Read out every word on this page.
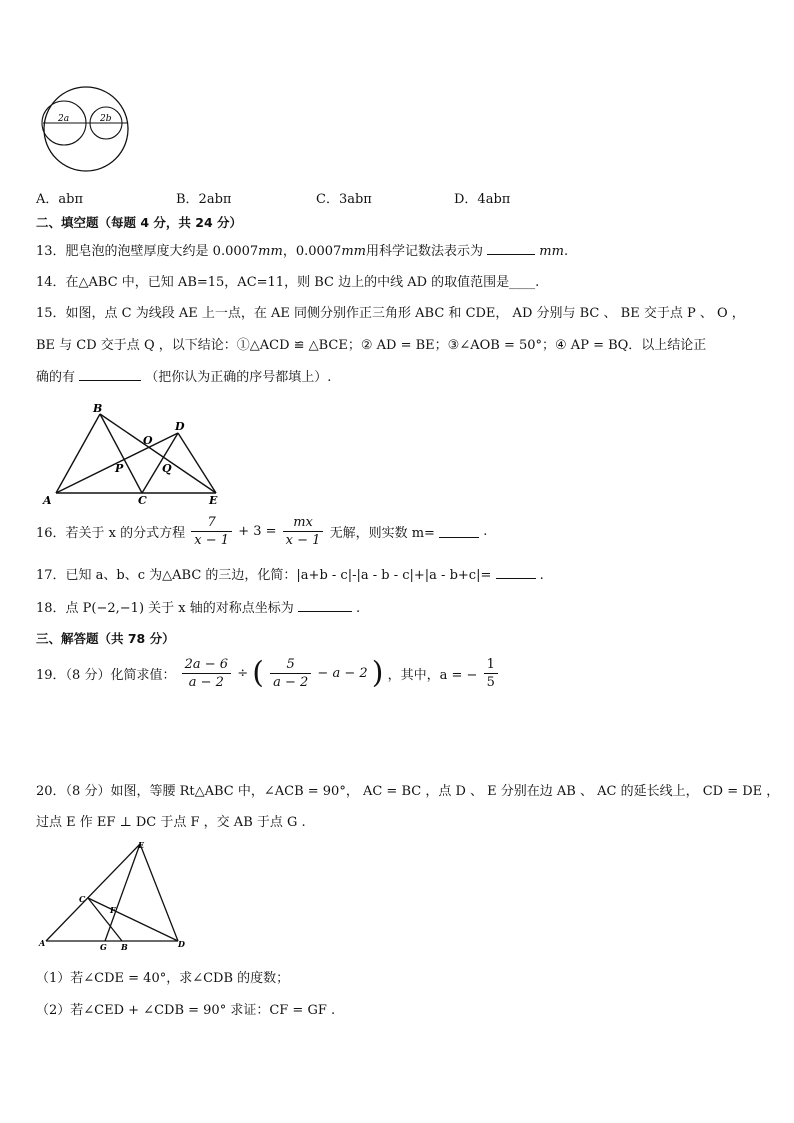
2a	2b
A．abπ	B．2abπ	C．3abπ	D．4abπ
二、填空题（每题 4 分，共 24 分）
13．肥皂泡的泡壁厚度大约是 0.0007mm，0.0007mm用科学记数法表示为	mm.
14．在△ABC 中，已知 AB=15，AC=11，则 BC 边上的中线 AD 的取值范围是____.
15．如图，点 C 为线段 AE 上一点，在 AE 同侧分别作正三角形 ABC 和 CDE， AD 分别与 BC 、 BE 交于点 P 、 O ，
BE 与 CD 交于点 Q ，以下结论：①△ACD ≌ △BCE；② AD = BE；③∠AOB = 50°；④ AP = BQ．以上结论正
确的有	（把你认为正确的序号都填上）.
B
D
O
P	Q
A	C	E
16．若关于 x 的分式方程 $\frac{7}{x - 1} + 3 = \frac{mx}{x - 1}$ 无解，则实数 m=	.
17．已知 a、b、c 为△ABC 的三边，化简：|a+b - c|-|a - b - c|+|a - b+c|=	.
18．点 P(−2,−1) 关于 x 轴的对称点坐标为	.
三、解答题（共 78 分）
19．（8 分）化简求值： $\frac{2a - 6}{a - 2}$ ÷ ( $\frac{5}{a - 2} - a - 2$ ) ，其中，a = − $\frac{1}{5}$
20．（8 分）如图，等腰 Rt△ABC 中，∠ACB = 90°， AC = BC ，点 D 、 E 分别在边 AB 、 AC 的延长线上， CD = DE ，
过点 E 作 EF ⊥ DC 于点 F ，交 AB 于点 G .
E
C
F
A	G B	D
（1）若∠CDE = 40°，求∠CDB 的度数；
（2）若∠CED + ∠CDB = 90° 求证：CF = GF .
